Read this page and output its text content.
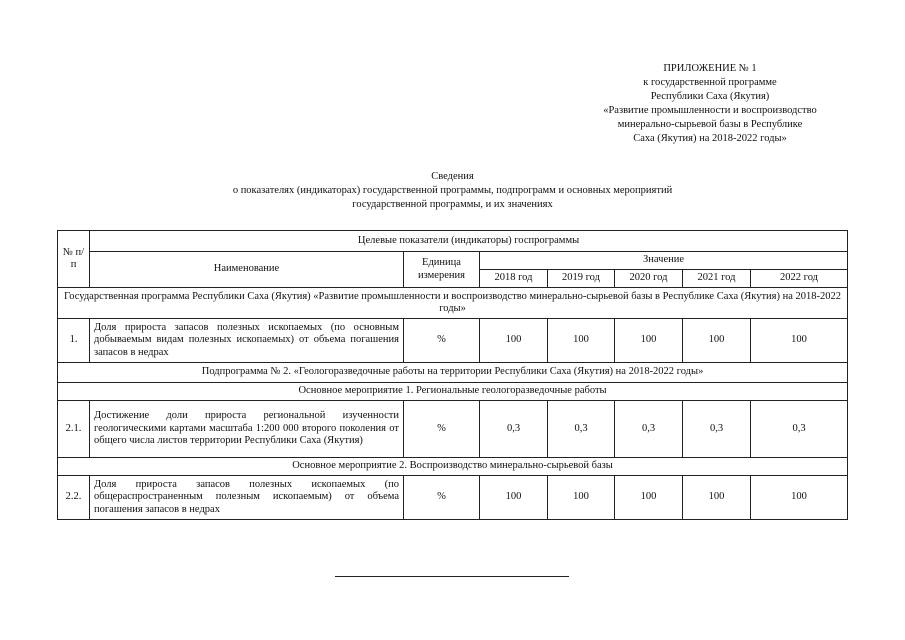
ПРИЛОЖЕНИЕ № 1
к государственной программе
Республики Саха (Якутия)
«Развитие промышленности и воспроизводство
минерально-сырьевой базы в Республике
Саха (Якутия) на 2018-2022 годы»
Сведения
о показателях (индикаторах) государственной программы, подпрограмм и основных мероприятий
государственной программы, и их значениях
№ п/п	Целевые показатели (индикаторы) госпрограммы						
	Наименование	Единица измерения	Значение				
			2018 год	2019 год	2020 год	2021 год	2022 год
Государственная программа Республики Саха (Якутия) «Развитие промышленности и воспроизводство минерально-сырьевой базы в Республике Саха (Якутия) на 2018-2022 годы»							
1.	Доля прироста запасов полезных ископаемых (по основным добываемым видам полезных ископаемых) от объема погашения запасов в недрах	%	100	100	100	100	100
Подпрограмма № 2. «Геологоразведочные работы на территории Республики Саха (Якутия) на 2018-2022 годы»							
Основное мероприятие 1. Региональные геологоразведочные работы							
2.1.	Достижение доли прироста региональной изученности геологическими картами масштаба 1:200 000 второго поколения от общего числа листов территории Республики Саха (Якутия)	%	0,3	0,3	0,3	0,3	0,3
Основное мероприятие 2. Воспроизводство минерально-сырьевой базы							
2.2.	Доля прироста запасов полезных ископаемых (по общераспространенным полезным ископаемым) от объема погашения запасов в недрах	%	100	100	100	100	100
